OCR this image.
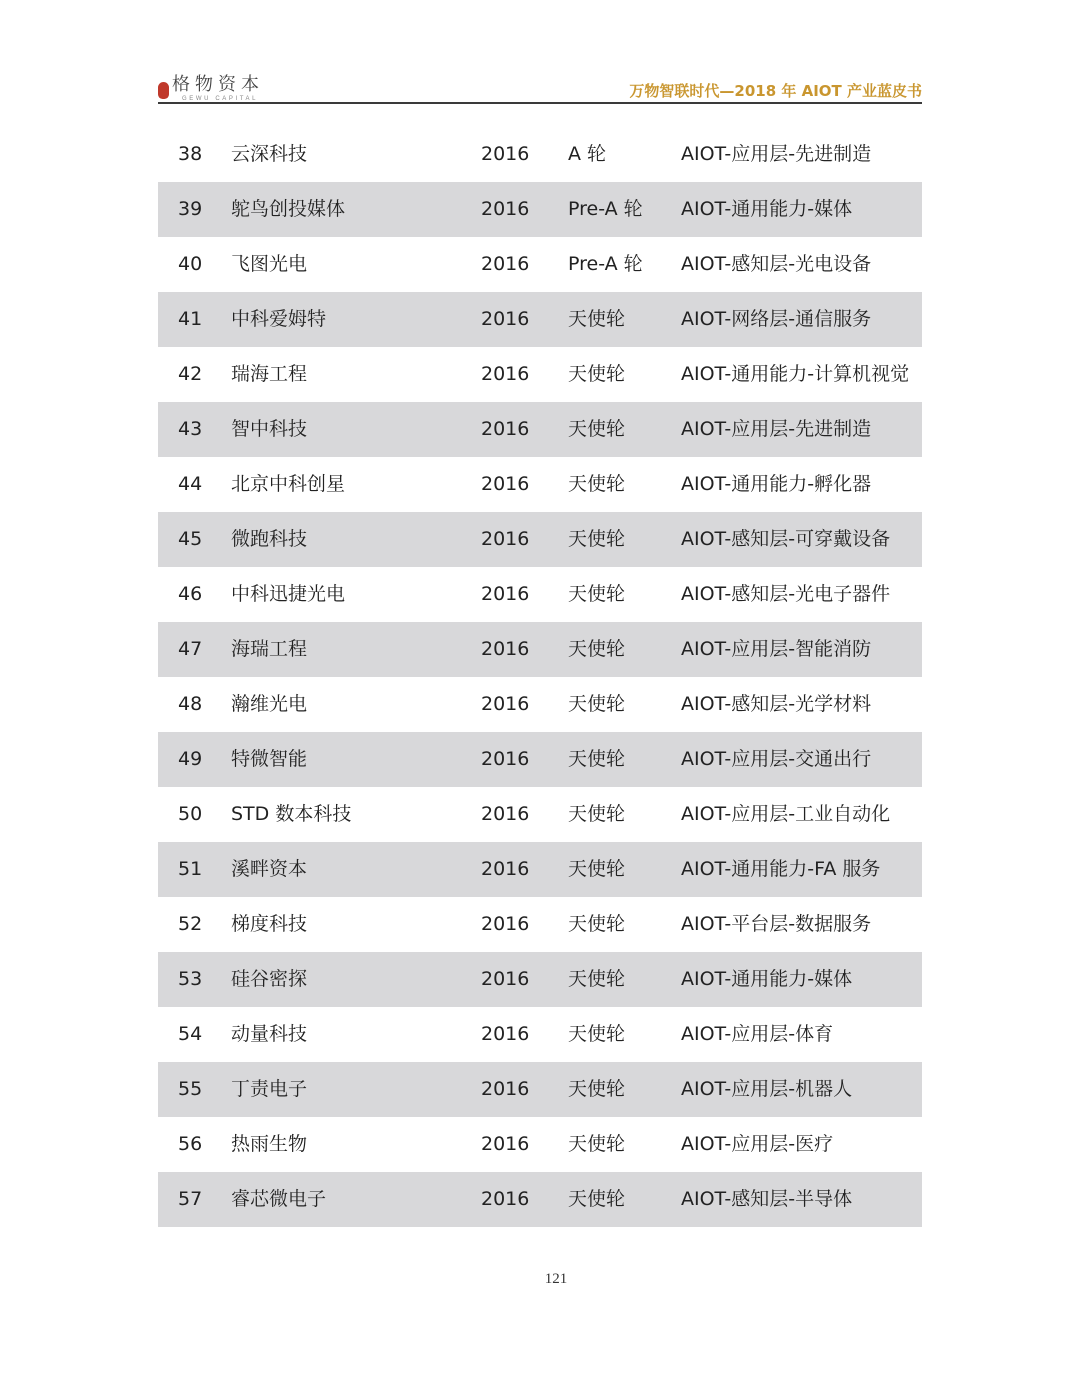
格物资本
GEWU CAPITAL	万物智联时代—2018 年 AIOT 产业蓝皮书
38 云深科技	2016 A 轮	AIOT-应用层-先进制造
39 鸵鸟创投媒体	2016 Pre-A 轮 AIOT-通用能力-媒体
40 飞图光电	2016 Pre-A 轮 AIOT-感知层-光电设备
41 中科爱姆特	2016 天使轮	AIOT-网络层-通信服务
42 瑞海工程	2016 天使轮	AIOT-通用能力-计算机视觉
43 智中科技	2016 天使轮	AIOT-应用层-先进制造
44 北京中科创星	2016 天使轮	AIOT-通用能力-孵化器
45 微跑科技	2016 天使轮	AIOT-感知层-可穿戴设备
46 中科迅捷光电	2016 天使轮	AIOT-感知层-光电子器件
47 海瑞工程	2016 天使轮	AIOT-应用层-智能消防
48 瀚维光电	2016 天使轮	AIOT-感知层-光学材料
49 特微智能	2016 天使轮	AIOT-应用层-交通出行
50 STD 数本科技	2016 天使轮	AIOT-应用层-工业自动化
51 溪畔资本	2016 天使轮	AIOT-通用能力-FA 服务
52 梯度科技	2016 天使轮	AIOT-平台层-数据服务
53 硅谷密探	2016 天使轮	AIOT-通用能力-媒体
54 动量科技	2016 天使轮	AIOT-应用层-体育
55 丁责电子	2016 天使轮	AIOT-应用层-机器人
56 热雨生物	2016 天使轮	AIOT-应用层-医疗
57 睿芯微电子	2016 天使轮	AIOT-感知层-半导体
121
